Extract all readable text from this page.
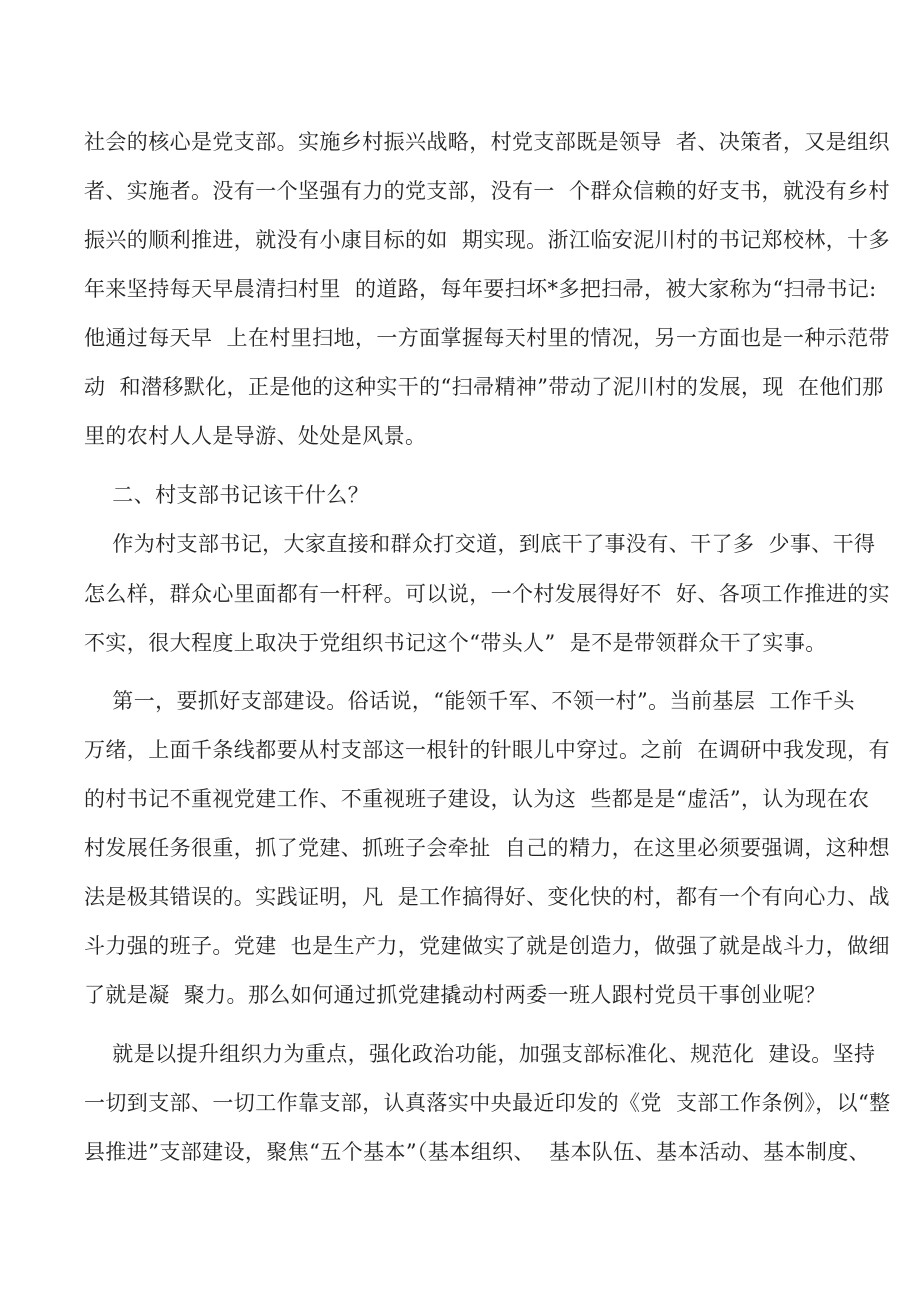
社会的核心是党支部。实施乡村振兴战略，村党支部既是领导  者、决策者，又是组织
者、实施者。没有一个坚强有力的党支部，没有一  个群众信赖的好支书，就没有乡村
振兴的顺利推进，就没有小康目标的如  期实现。浙江临安泥川村的书记郑校林，十多
年来坚持每天早晨清扫村里  的道路，每年要扫坏*多把扫帚，被大家称为“扫帚书记:
他通过每天早  上在村里扫地，一方面掌握每天村里的情况，另一方面也是一种示范带
动  和潜移默化，正是他的这种实干的“扫帚精神”带动了泥川村的发展，现  在他们那
里的农村人人是导游、处处是风景。
二、村支部书记该干什么？
作为村支部书记，大家直接和群众打交道，到底干了事没有、干了多  少事、干得
怎么样，群众心里面都有一杆秤。可以说，一个村发展得好不  好、各项工作推进的实
不实，很大程度上取决于党组织书记这个“带头人”  是不是带领群众干了实事。
第一，要抓好支部建设。俗话说，“能领千军、不领一村”。当前基层  工作千头
万绪，上面千条线都要从村支部这一根针的针眼儿中穿过。之前  在调研中我发现，有
的村书记不重视党建工作、不重视班子建设，认为这  些都是是“虚活”，认为现在农
村发展任务很重，抓了党建、抓班子会牵扯  自己的精力，在这里必须要强调，这种想
法是极其错误的。实践证明，凡  是工作搞得好、变化快的村，都有一个有向心力、战
斗力强的班子。党建  也是生产力，党建做实了就是创造力，做强了就是战斗力，做细
了就是凝  聚力。那么如何通过抓党建撬动村两委一班人跟村党员干事创业呢？
就是以提升组织力为重点，强化政治功能，加强支部标准化、规范化  建设。坚持
一切到支部、一切工作靠支部，认真落实中央最近印发的《党  支部工作条例》，以“整
县推进”支部建设，聚焦“五个基本”（基本组织、  基本队伍、基本活动、基本制度、
